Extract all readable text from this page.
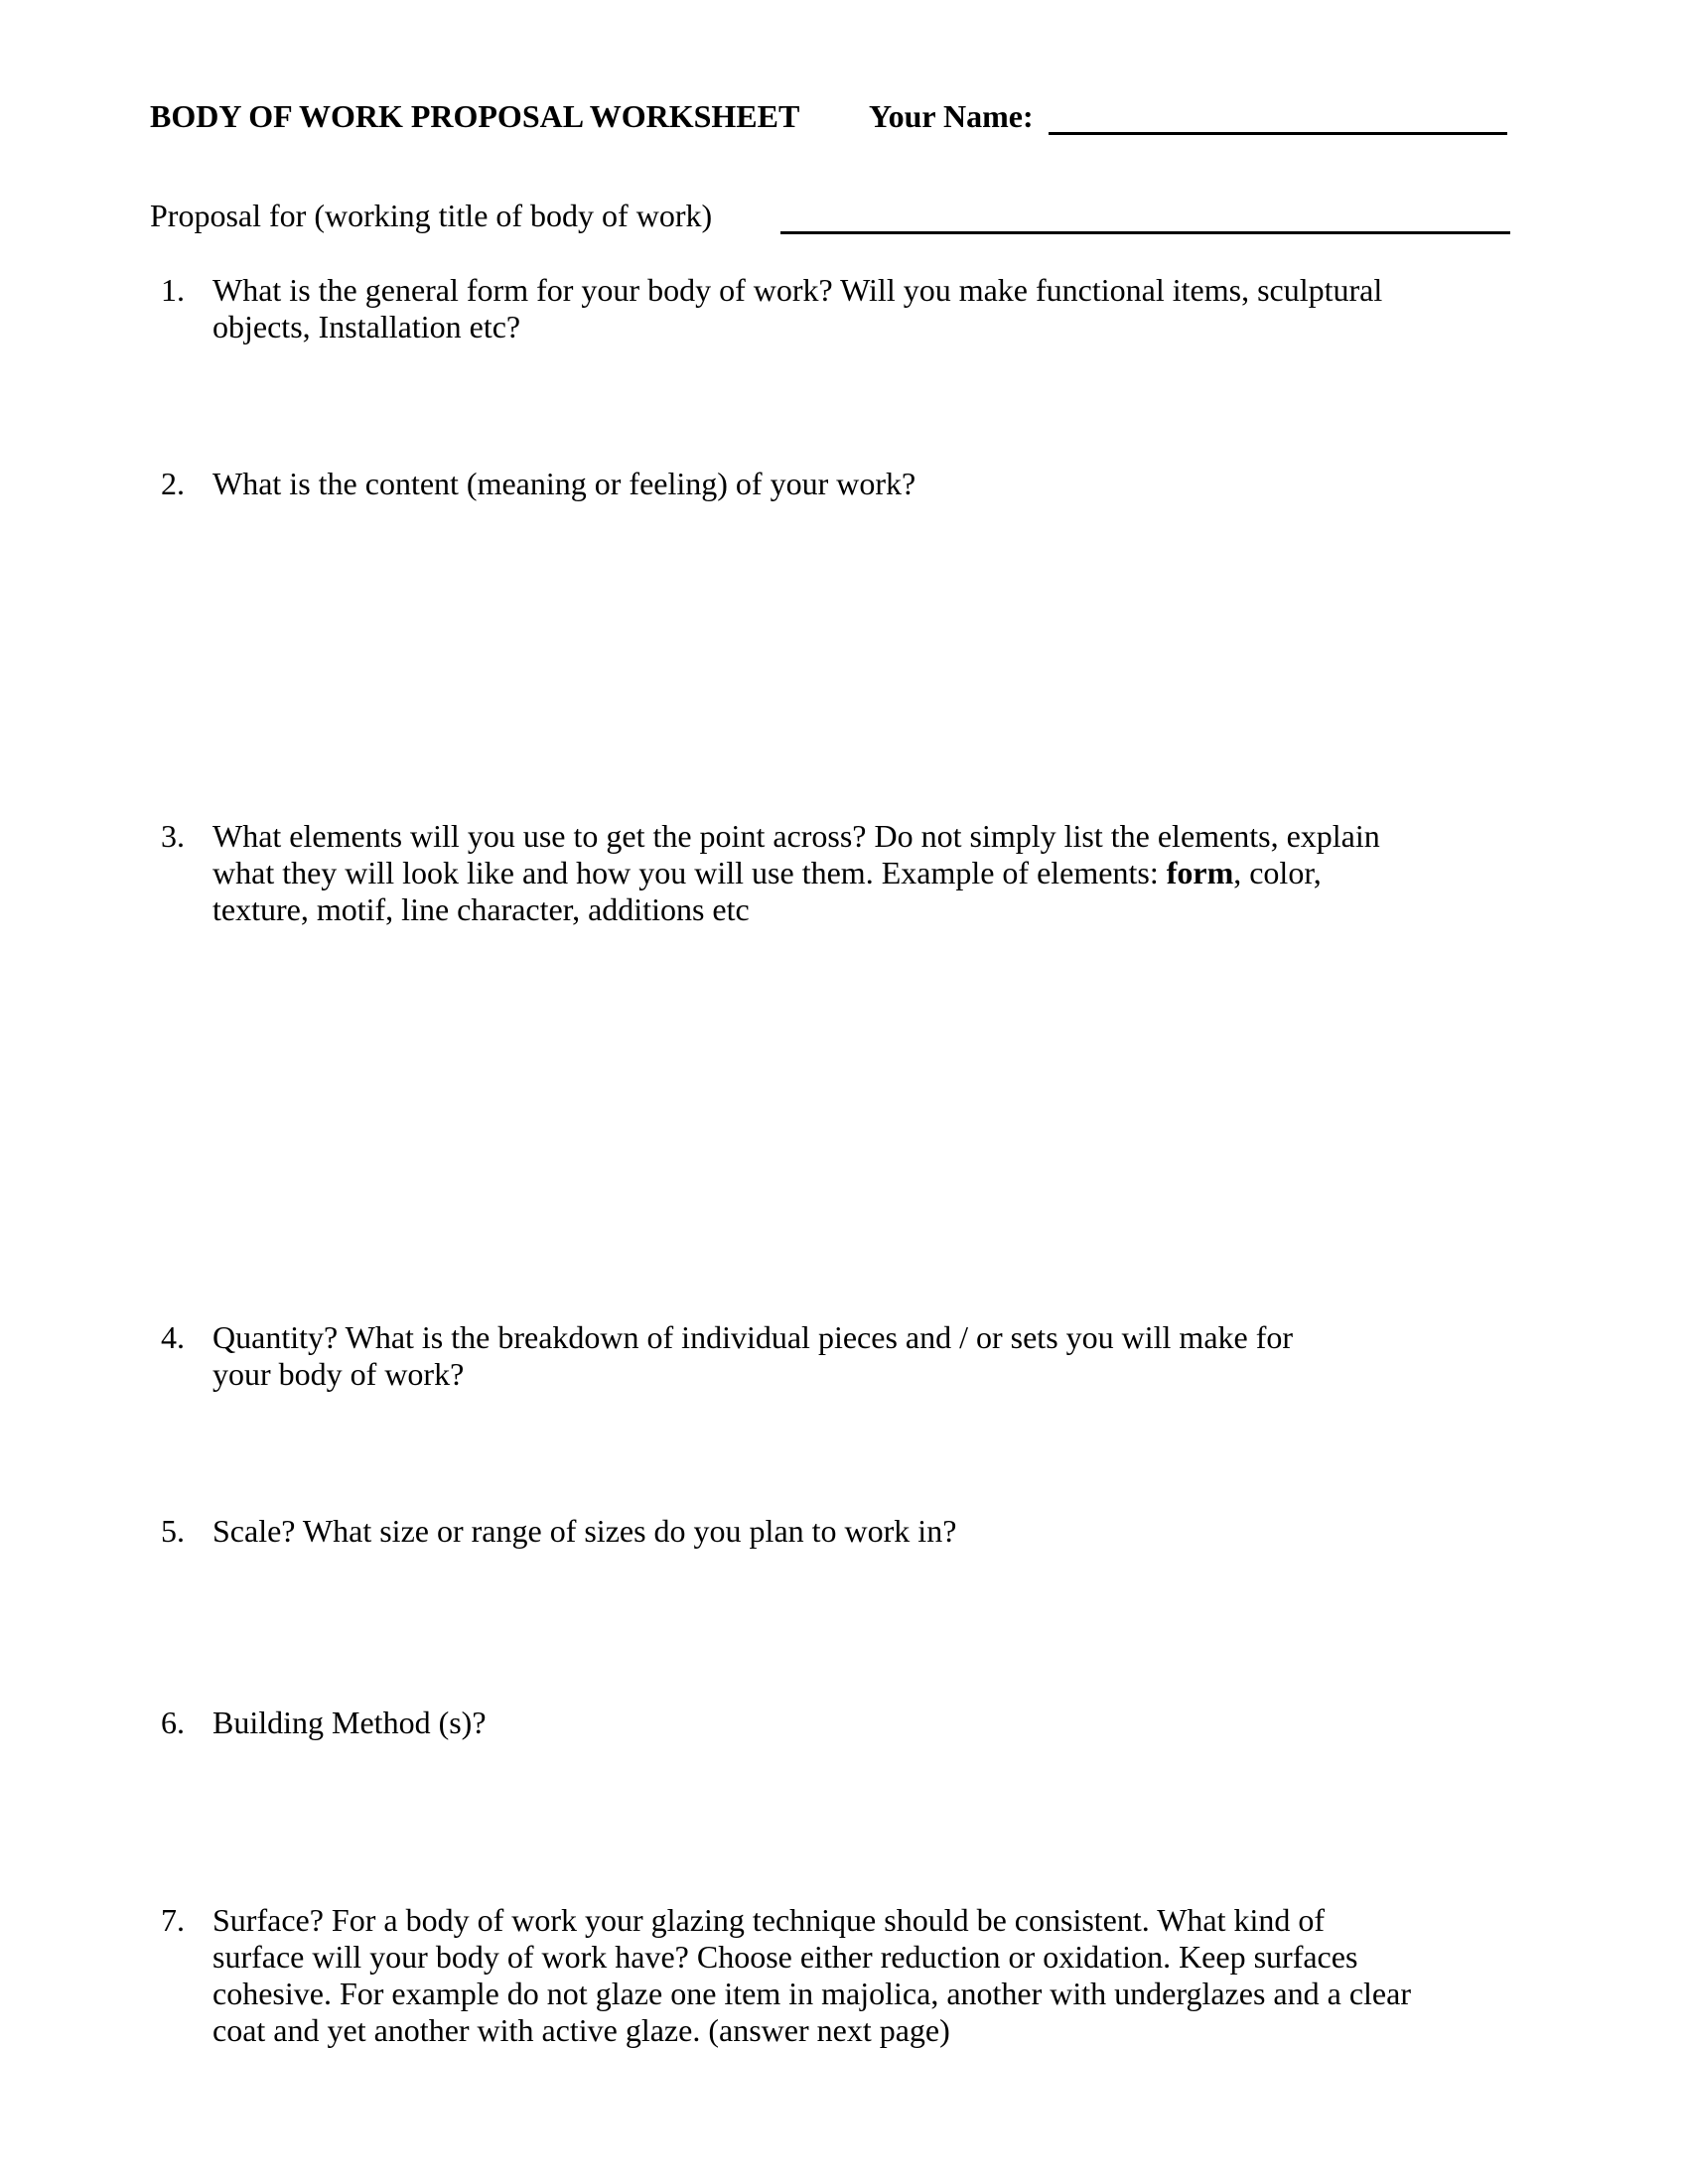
BODY OF WORK PROPOSAL WORKSHEET Your Name:
Proposal for (working title of body of work)
1. What is the general form for your body of work? Will you make functional items, sculptural
objects, Installation etc?
2. What is the content (meaning or feeling) of your work?
3. What elements will you use to get the point across? Do not simply list the elements, explain
what they will look like and how you will use them. Example of elements: form, color,
texture, motif, line character, additions etc
4. Quantity? What is the breakdown of individual pieces and / or sets you will make for
your body of work?
5. Scale? What size or range of sizes do you plan to work in?
6. Building Method (s)?
7. Surface? For a body of work your glazing technique should be consistent. What kind of
surface will your body of work have? Choose either reduction or oxidation. Keep surfaces
cohesive. For example do not glaze one item in majolica, another with underglazes and a clear
coat and yet another with active glaze. (answer next page)
